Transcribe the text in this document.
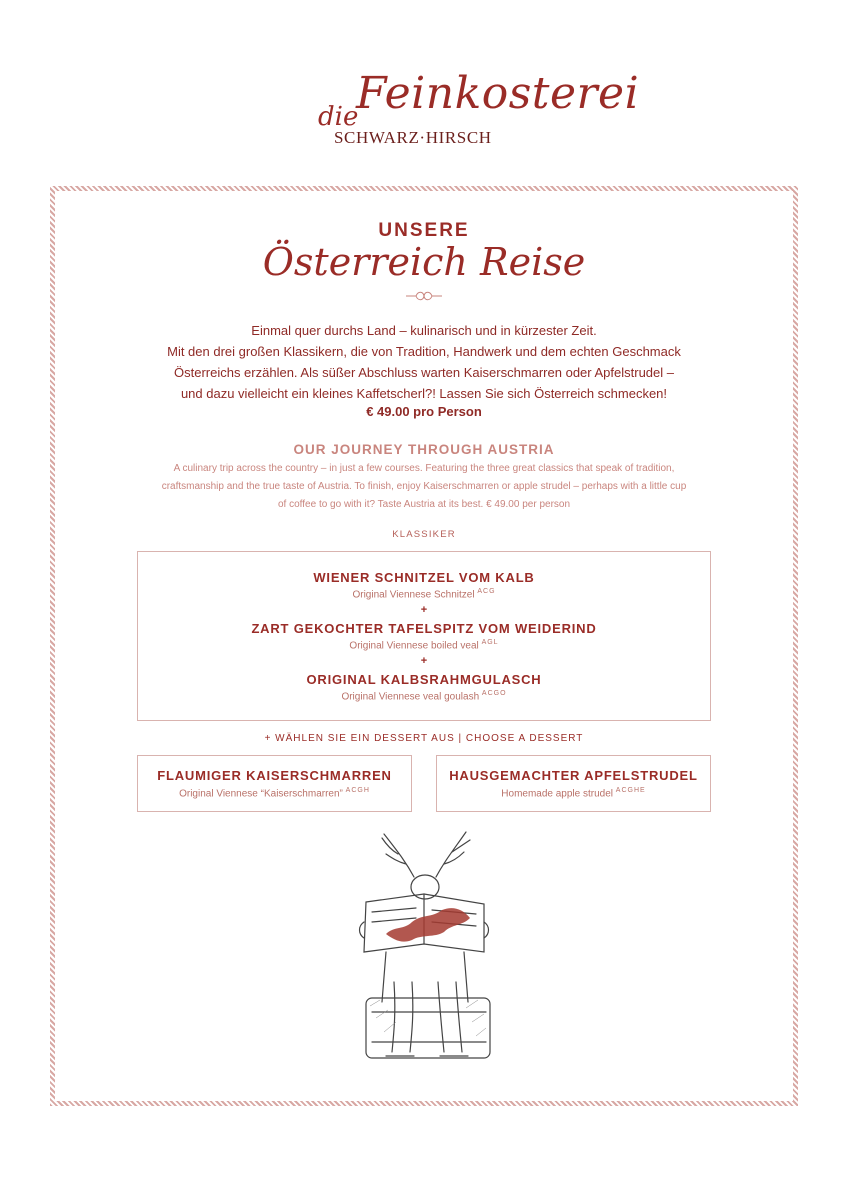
die
Feinkosterei
SCHWARZ·HIRSCH
UNSERE
Österreich Reise
Einmal quer durchs Land – kulinarisch und in kürzester Zeit.
Mit den drei großen Klassikern, die von Tradition, Handwerk und dem echten Geschmack
Österreichs erzählen. Als süßer Abschluss warten Kaiserschmarren oder Apfelstrudel –
und dazu vielleicht ein kleines Kaffetscherl?! Lassen Sie sich Österreich schmecken!
€ 49.00 pro Person
OUR JOURNEY THROUGH AUSTRIA
A culinary trip across the country – in just a few courses. Featuring the three great classics that speak of tradition,
craftsmanship and the true taste of Austria. To finish, enjoy Kaiserschmarren or apple strudel – perhaps with a little cup
of coffee to go with it? Taste Austria at its best. € 49.00 per person
KLASSIKER
WIENER SCHNITZEL VOM KALB
Original Viennese Schnitzel $^{ACG}$
+
ZART GEKOCHTER TAFELSPITZ VOM WEIDERIND
Original Viennese boiled veal $^{AGL}$
+
ORIGINAL KALBSRAHMGULASCH
Original Viennese veal goulash $^{ACGO}$
+ WÄHLEN SIE EIN DESSERT AUS | CHOOSE A DESSERT
FLAUMIGER KAISERSCHMARREN
Original Viennese “Kaiserschmarren” $^{ACGH}$
HAUSGEMACHTER APFELSTRUDEL
Homemade apple strudel $^{ACGHE}$
